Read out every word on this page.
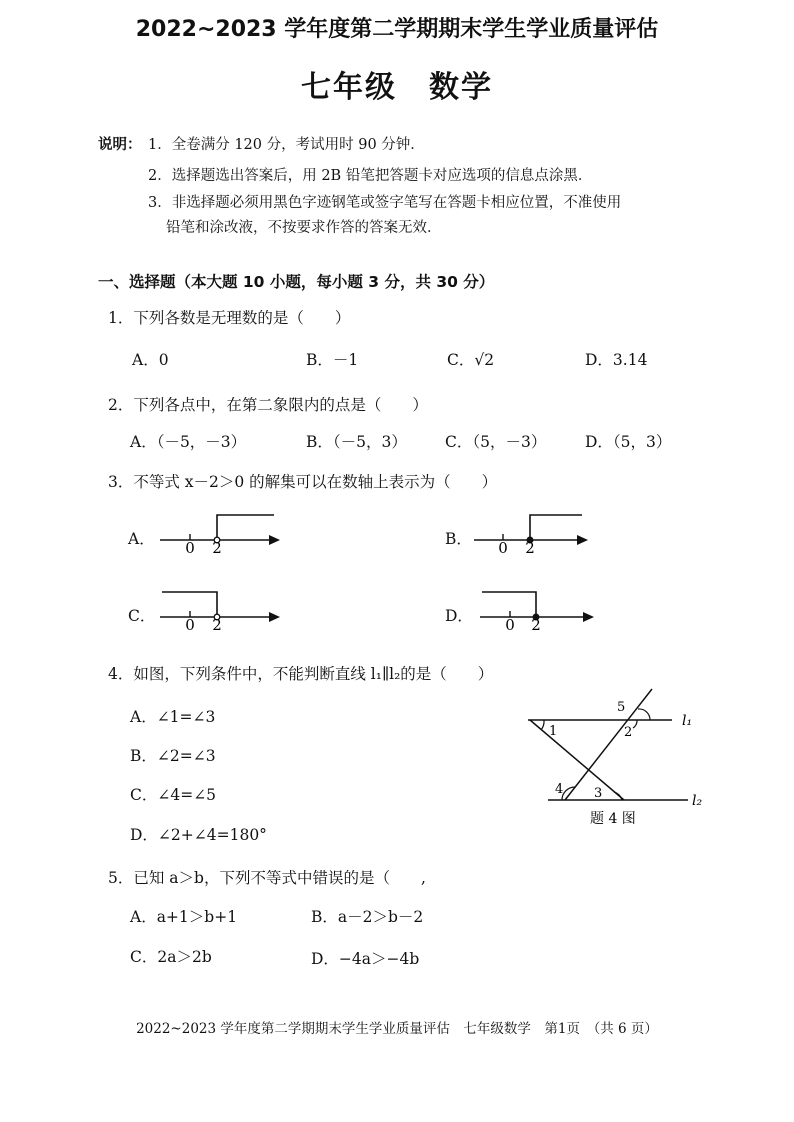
2022~2023 学年度第二学期期末学生学业质量评估
七年级　数学
说明： 1．全卷满分 120 分，考试用时 90 分钟．
2．选择题选出答案后，用 2B 铅笔把答题卡对应选项的信息点涂黑．
3．非选择题必须用黑色字迹钢笔或签字笔写在答题卡相应位置，不准使用
铅笔和涂改液，不按要求作答的答案无效．
一、选择题（本大题 10 小题，每小题 3 分，共 30 分）
1．下列各数是无理数的是（　　）
A．0	B．－1	C．√2	D．3.14
2．下列各点中，在第二象限内的点是（　　）
A．（－5，－3）	B．（－5，3） C．（5，－3） D．（5，3）
3．不等式 x－2＞0 的解集可以在数轴上表示为（　　）
A． 0 2	B． 0 2
C． 0 2	D． 0 2
4．如图，下列条件中，不能判断直线 l₁∥l₂的是（　　）
A．∠1=∠3
B．∠2=∠3
C．∠4=∠5
D．∠2+∠4=180°
1	2
3
4
5
l₁
l₂
题 4 图
5．已知 a＞b，下列不等式中错误的是（　　,
A．a+1＞b+1	B．a－2＞b－2
C．2a＞2b	D．−4a＞−4b
2022~2023 学年度第二学期期末学生学业质量评估　七年级数学　第1页　（共 6 页）
